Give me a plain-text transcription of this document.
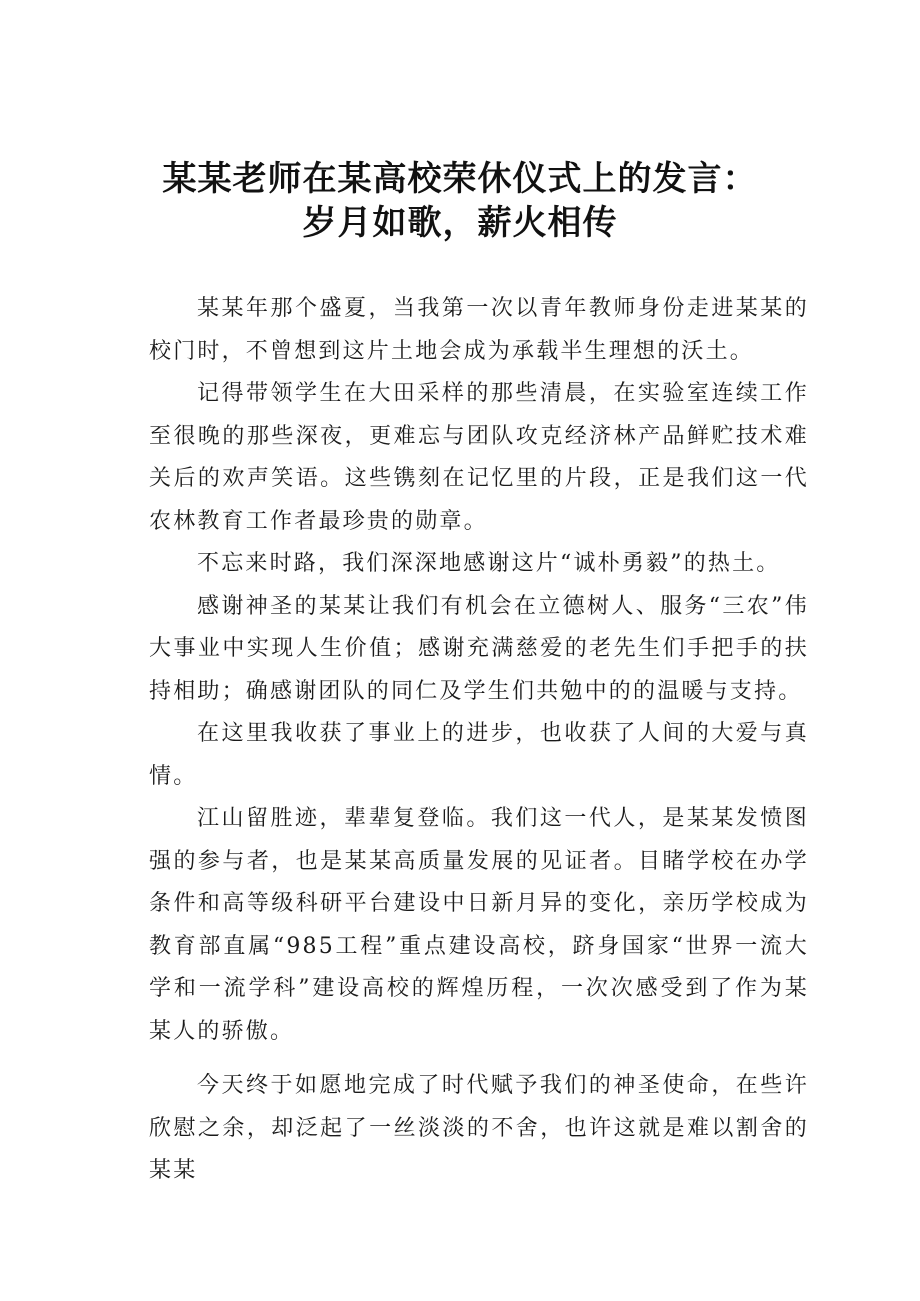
某某老师在某高校荣休仪式上的发言：
岁月如歌，薪火相传

某某年那个盛夏，当我第一次以青年教师身份走进某某的校门时，不曾想到这片土地会成为承载半生理想的沃土。

记得带领学生在大田采样的那些清晨，在实验室连续工作至很晚的那些深夜，更难忘与团队攻克经济林产品鲜贮技术难关后的欢声笑语。这些镌刻在记忆里的片段，正是我们这一代农林教育工作者最珍贵的勋章。

不忘来时路，我们深深地感谢这片“诚朴勇毅”的热土。

感谢神圣的某某让我们有机会在立德树人、服务“三农”伟大事业中实现人生价值；感谢充满慈爱的老先生们手把手的扶持相助；确感谢团队的同仁及学生们共勉中的的温暖与支持。

在这里我收获了事业上的进步，也收获了人间的大爱与真情。

江山留胜迹，辈辈复登临。我们这一代人，是某某发愤图强的参与者，也是某某高质量发展的见证者。目睹学校在办学条件和高等级科研平台建设中日新月异的变化，亲历学校成为教育部直属“985工程”重点建设高校，跻身国家“世界一流大学和一流学科”建设高校的辉煌历程，一次次感受到了作为某某人的骄傲。

今天终于如愿地完成了时代赋予我们的神圣使命，在些许欣慰之余，却泛起了一丝淡淡的不舍，也许这就是难以割舍的某某
